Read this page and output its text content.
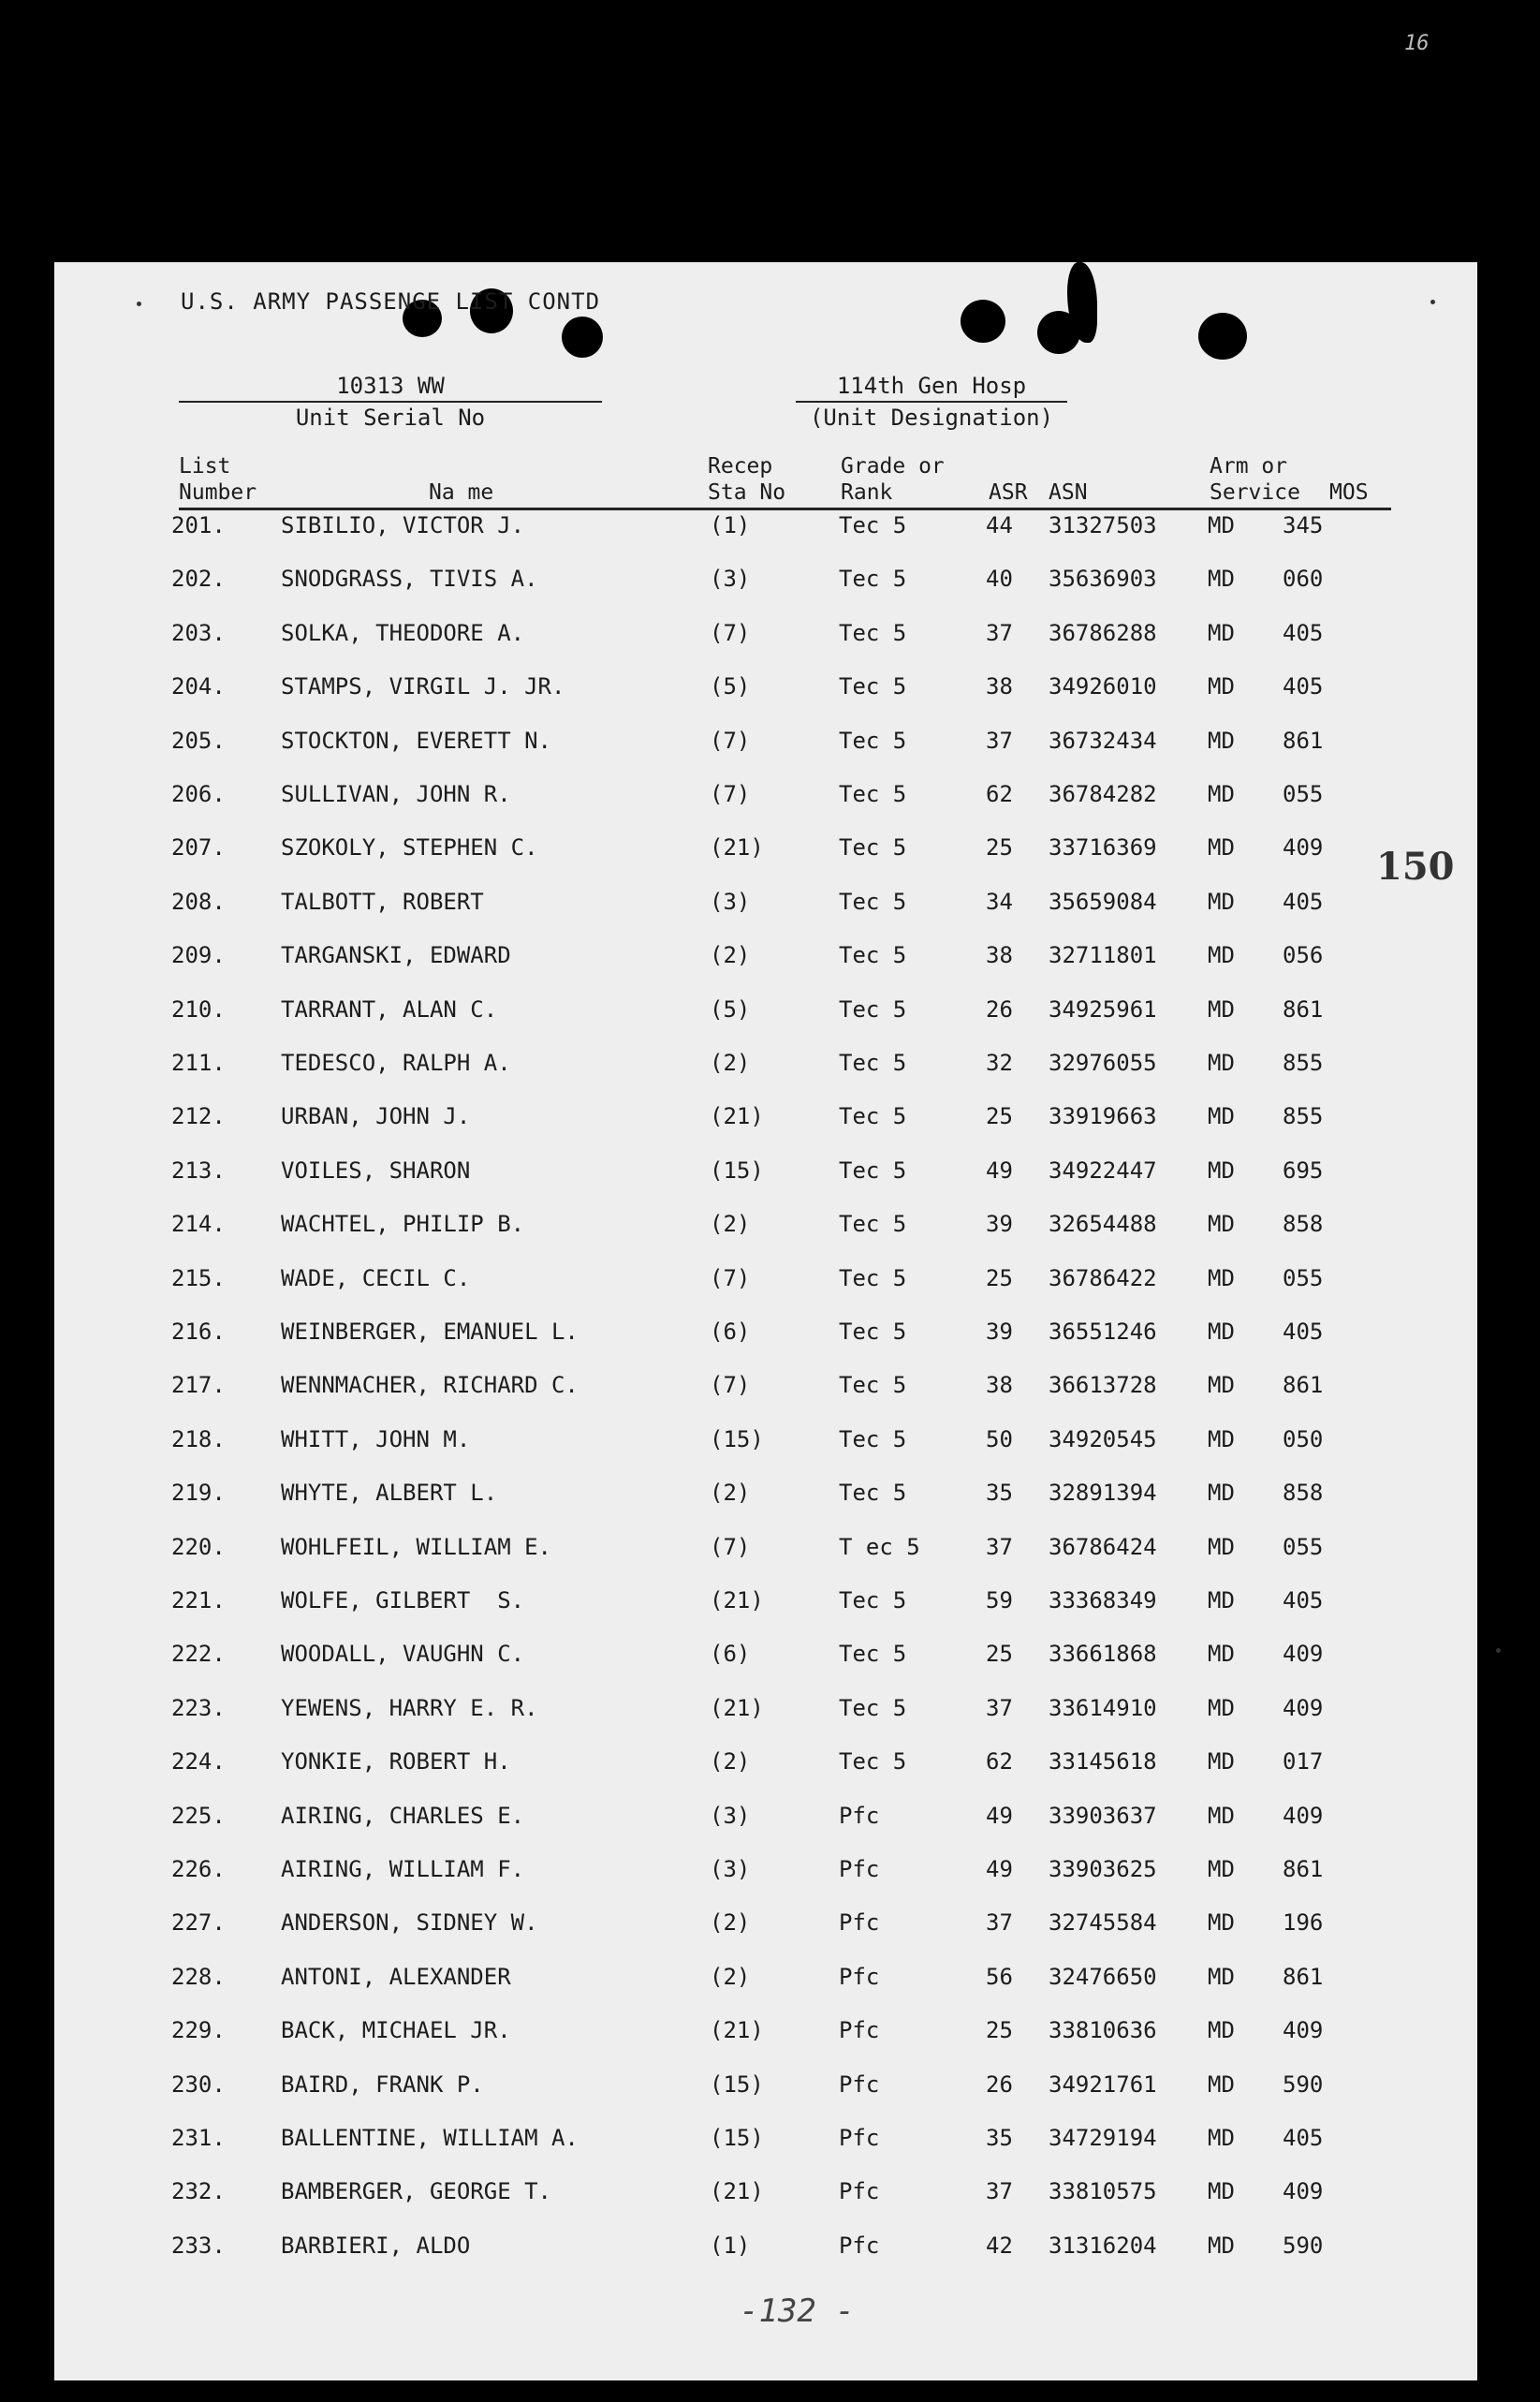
16
U.S. ARMY PASSENGE LIST CONTD
10313 WW
Unit Serial No
114th Gen Hosp
(Unit Designation)
List
Number	Na me
Recep
Sta No
Grade or
Rank	ASR ASN
Arm or
Service MOS
201. SIBILIO, VICTOR J.	(1)	Tec 5	44 31327503 MD 345
202. SNODGRASS, TIVIS A.	(3)	Tec 5	40 35636903 MD 060
203. SOLKA, THEODORE A.	(7)	Tec 5	37 36786288 MD 405
204. STAMPS, VIRGIL J. JR.	(5)	Tec 5	38 34926010 MD 405
205. STOCKTON, EVERETT N.	(7)	Tec 5	37 36732434 MD 861
206. SULLIVAN, JOHN R.	(7)	Tec 5	62 36784282 MD 055
207. SZOKOLY, STEPHEN C.	(21)	Tec 5	25 33716369 MD 409
208. TALBOTT, ROBERT	(3)	Tec 5	34 35659084 MD 405
209. TARGANSKI, EDWARD	(2)	Tec 5	38 32711801 MD 056
210. TARRANT, ALAN C.	(5)	Tec 5	26 34925961 MD 861
211. TEDESCO, RALPH A.	(2)	Tec 5	32 32976055 MD 855
212. URBAN, JOHN J.	(21)	Tec 5	25 33919663 MD 855
213. VOILES, SHARON	(15)	Tec 5	49 34922447 MD 695
214. WACHTEL, PHILIP B.	(2)	Tec 5	39 32654488 MD 858
215. WADE, CECIL C.	(7)	Tec 5	25 36786422 MD 055
216. WEINBERGER, EMANUEL L.	(6)	Tec 5	39 36551246 MD 405
217. WENNMACHER, RICHARD C.	(7)	Tec 5	38 36613728 MD 861
218. WHITT, JOHN M.	(15)	Tec 5	50 34920545 MD 050
219. WHYTE, ALBERT L.	(2)	Tec 5	35 32891394 MD 858
220. WOHLFEIL, WILLIAM E.	(7)	T ec 5	37 36786424 MD 055
221. WOLFE, GILBERT  S.	(21)	Tec 5	59 33368349 MD 405
222. WOODALL, VAUGHN C.	(6)	Tec 5	25 33661868 MD 409
223. YEWENS, HARRY E. R.	(21)	Tec 5	37 33614910 MD 409
224. YONKIE, ROBERT H.	(2)	Tec 5	62 33145618 MD 017
225. AIRING, CHARLES E.	(3)	Pfc	49 33903637 MD 409
226. AIRING, WILLIAM F.	(3)	Pfc	49 33903625 MD 861
227. ANDERSON, SIDNEY W.	(2)	Pfc	37 32745584 MD 196
228. ANTONI, ALEXANDER	(2)	Pfc	56 32476650 MD 861
229. BACK, MICHAEL JR.	(21)	Pfc	25 33810636 MD 409
230. BAIRD, FRANK P.	(15)	Pfc	26 34921761 MD 590
231. BALLENTINE, WILLIAM A.	(15)	Pfc	35 34729194 MD 405
232. BAMBERGER, GEORGE T.	(21)	Pfc	37 33810575 MD 409
233. BARBIERI, ALDO	(1)	Pfc	42 31316204 MD 590
150
-132 -
